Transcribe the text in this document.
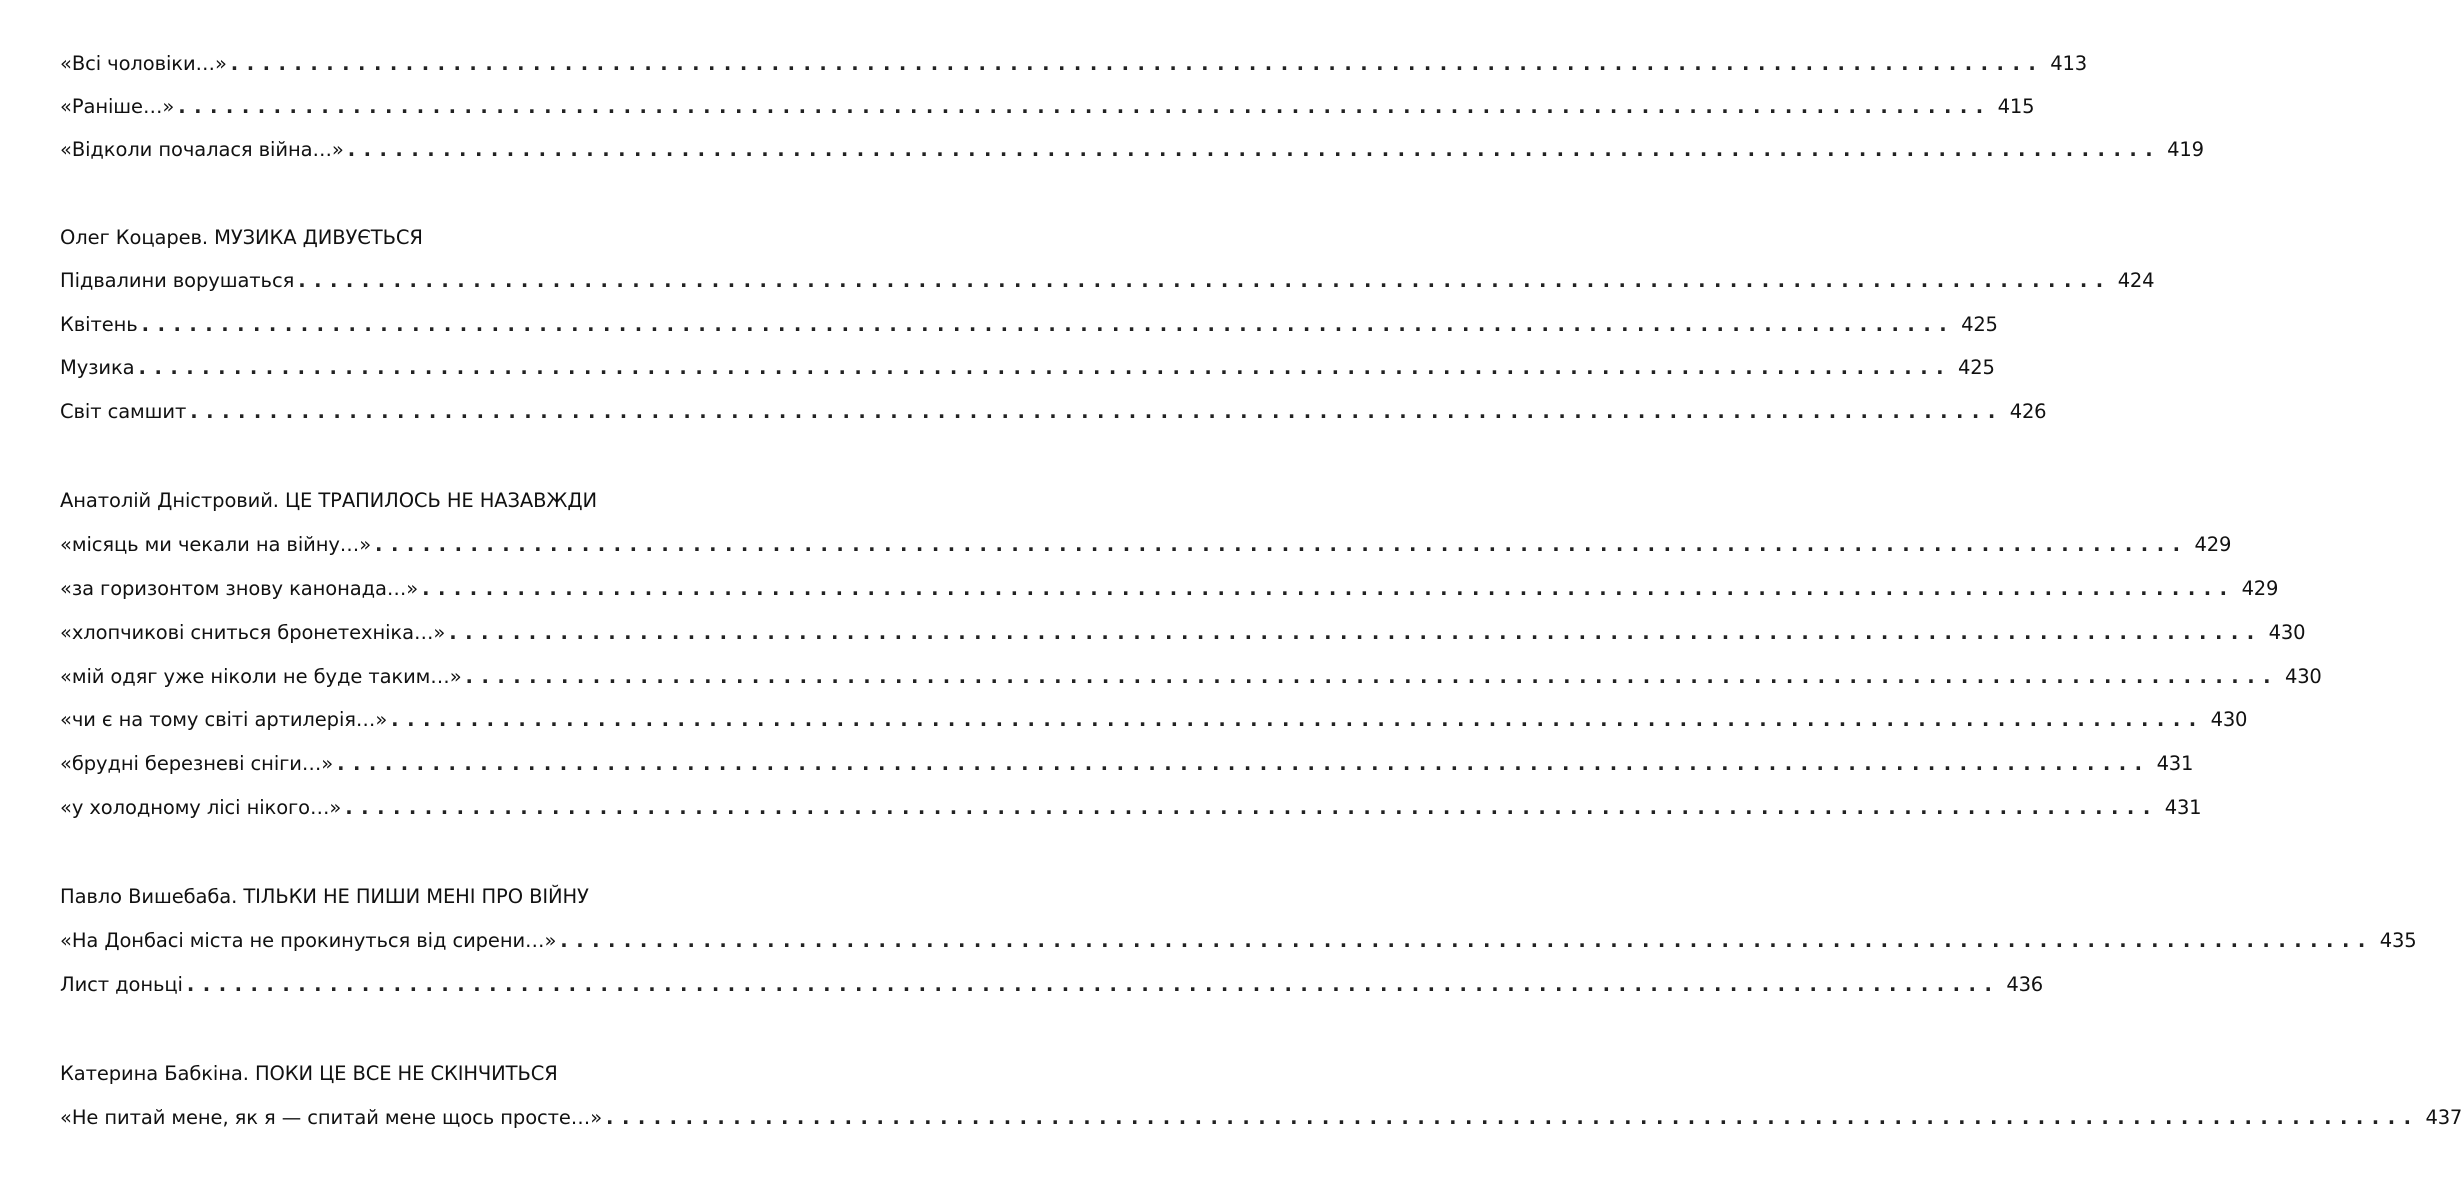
«Всі чоловіки…» .................................................................................................................. 413
«Раніше…» .................................................................................................................. 415
«Відколи почалася війна…» .................................................................................................................. 419
Олег Коцарев. МУЗИКА ДИВУЄТЬСЯ
Підвалини ворушаться .................................................................................................................. 424
Квітень .................................................................................................................. 425
Музика .................................................................................................................. 425
Світ самшит .................................................................................................................. 426
Анатолій Дністровий. ЦЕ ТРАПИЛОСЬ НЕ НАЗАВЖДИ
«місяць ми чекали на війну…» .................................................................................................................. 429
«за горизонтом знову канонада…» .................................................................................................................. 429
«хлопчикові сниться бронетехніка…» .................................................................................................................. 430
«мій одяг уже ніколи не буде таким…» .................................................................................................................. 430
«чи є на тому світі артилерія…» .................................................................................................................. 430
«брудні березневі сніги…» .................................................................................................................. 431
«у холодному лісі нікого…» .................................................................................................................. 431
Павло Вишебаба. ТІЛЬКИ НЕ ПИШИ МЕНІ ПРО ВІЙНУ
«На Донбасі міста не прокинуться від сирени…» .................................................................................................................. 435
Лист доньці .................................................................................................................. 436
Катерина Бабкіна. ПОКИ ЦЕ ВСЕ НЕ СКІНЧИТЬСЯ
«Не питай мене, як я — спитай мене щось просте…» .................................................................................................................. 437
